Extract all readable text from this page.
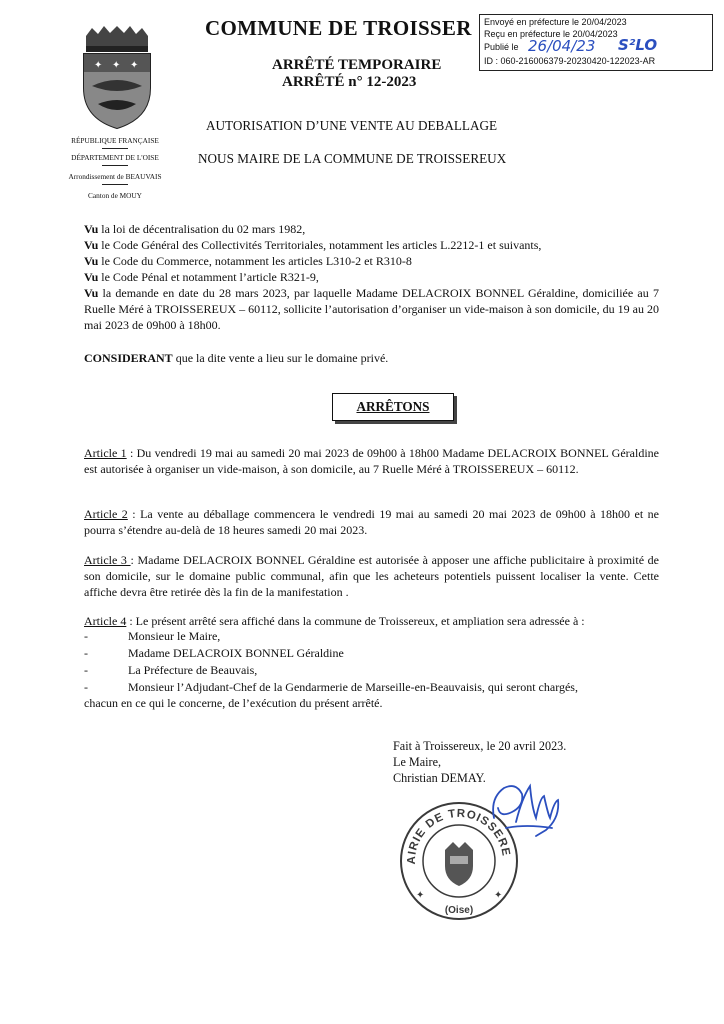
✦ ✦ ✦
RÉPUBLIQUE FRANÇAISE
DÉPARTEMENT DE L'OISE
Arrondissement de BEAUVAIS
Canton de MOUY
COMMUNE DE TROISSER
ARRÊTÉ TEMPORAIRE
ARRÊTÉ n° 12-2023
AUTORISATION D’UNE VENTE AU DEBALLAGE
NOUS MAIRE DE LA COMMUNE DE TROISSEREUX
Envoyé en préfecture le 20/04/2023
Reçu en préfecture le 20/04/2023
Publié le 26/04/23 S²LO
ID : 060-216006379-20230420-122023-AR

Vu la loi de décentralisation du 02 mars 1982,

Vu le Code Général des Collectivités Territoriales, notamment les articles L.2212-1 et suivants,

Vu le Code du Commerce, notamment les articles L310-2 et R310-8

Vu le Code Pénal et notamment l’article R321-9,

Vu la demande en date du 28 mars 2023, par laquelle Madame DELACROIX BONNEL Géraldine, domiciliée au 7 Ruelle Méré à TROISSEREUX – 60112, sollicite l’autorisation d’organiser un vide-maison à son domicile, du 19 au 20 mai 2023 de 09h00 à 18h00.

CONSIDERANT que la dite vente a lieu sur le domaine privé.

ARRÊTONS

Article 1 : Du vendredi 19 mai au samedi 20 mai 2023 de 09h00 à 18h00 Madame DELACROIX BONNEL Géraldine est autorisée à organiser un vide-maison, à son domicile, au 7 Ruelle Méré à TROISSEREUX – 60112.

Article 2 : La vente au déballage commencera le vendredi 19 mai au samedi 20 mai 2023 de 09h00 à 18h00 et ne pourra s’étendre au-delà de 18 heures samedi 20 mai 2023.

Article 3 : Madame DELACROIX BONNEL Géraldine est autorisée à apposer une affiche publicitaire à proximité de son domicile, sur le domaine public communal, afin que les acheteurs potentiels puissent localiser la vente. Cette affiche devra être retirée dès la fin de la manifestation .

Article 4 : Le présent arrêté sera affiché dans la commune de Troissereux, et ampliation sera adressée à :

-	Monsieur le Maire,
-	Madame DELACROIX BONNEL Géraldine
-	La Préfecture de Beauvais,
-	Monsieur l’Adjudant-Chef de la Gendarmerie de Marseille-en-Beauvaisis, qui seront chargés,
chacun en ce qui le concerne, de l’exécution du présent arrêté.
Fait à Troissereux, le 20 avril 2023.
Le Maire,
Christian DEMAY.
AIRIE DE TROISSERE
(Oise)
✦	✦
